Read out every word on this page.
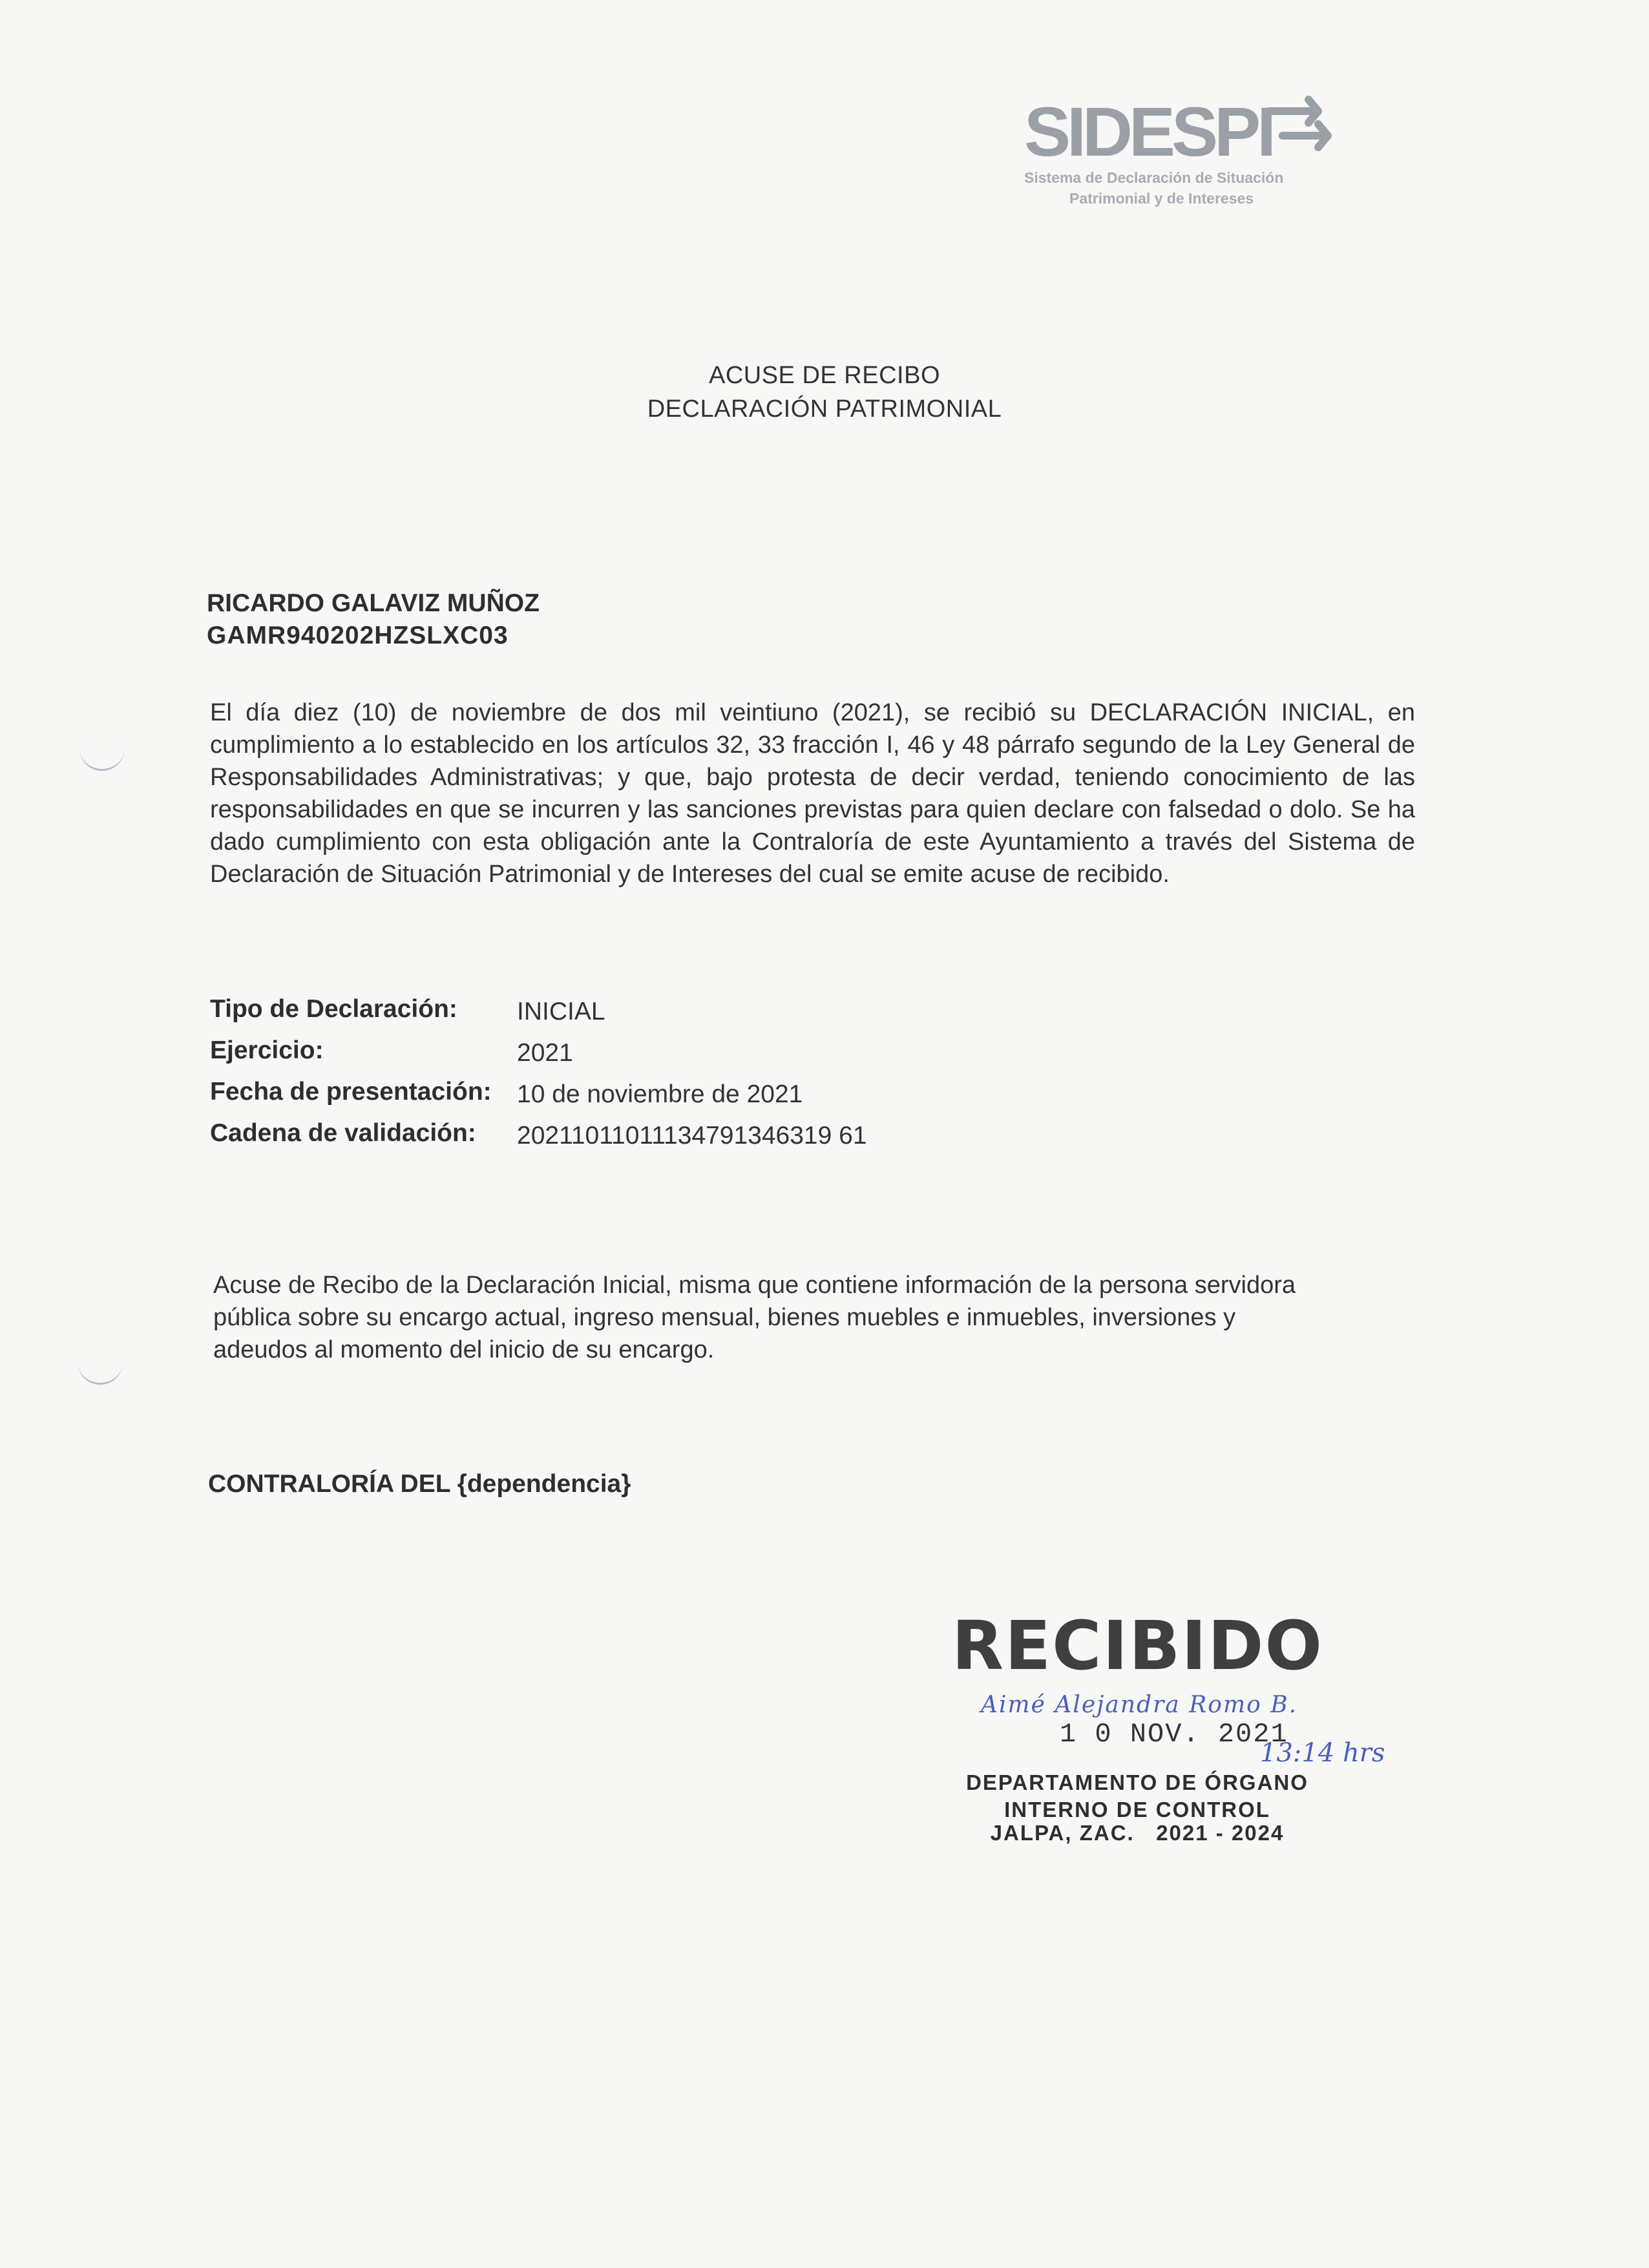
SIDESPI
Sistema de Declaración de Situación
Patrimonial y de Intereses
ACUSE DE RECIBO
DECLARACIÓN PATRIMONIAL
RICARDO GALAVIZ MUÑOZ
GAMR940202HZSLXC03
El día diez (10) de noviembre de dos mil veintiuno (2021), se recibió su DECLARACIÓN INICIAL, en cumplimiento a lo establecido en los artículos 32, 33 fracción I, 46 y 48 párrafo segundo de la Ley General de Responsabilidades Administrativas; y que, bajo protesta de decir verdad, teniendo conocimiento de las responsabilidades en que se incurren y las sanciones previstas para quien declare con falsedad o dolo. Se ha dado cumplimiento con esta obligación ante la Contraloría de este Ayuntamiento a través del Sistema de Declaración de Situación Patrimonial y de Intereses del cual se emite acuse de recibido.
Tipo de Declaración: INICIAL
Ejercicio:	2021
Fecha de presentación: 10 de noviembre de 2021
Cadena de validación: 20211011011134791346319 61
Acuse de Recibo de la Declaración Inicial, misma que contiene información de la persona servidora pública sobre su encargo actual, ingreso mensual, bienes muebles e inmuebles, inversiones y adeudos al momento del inicio de su encargo.
CONTRALORÍA DEL {dependencia}
RECIBIDO
Aimé Alejandra Romo B.
1 0 NOV. 2021
13:14 hrs
DEPARTAMENTO DE ÓRGANO
INTERNO DE CONTROL
JALPA, ZAC.   2021 - 2024
